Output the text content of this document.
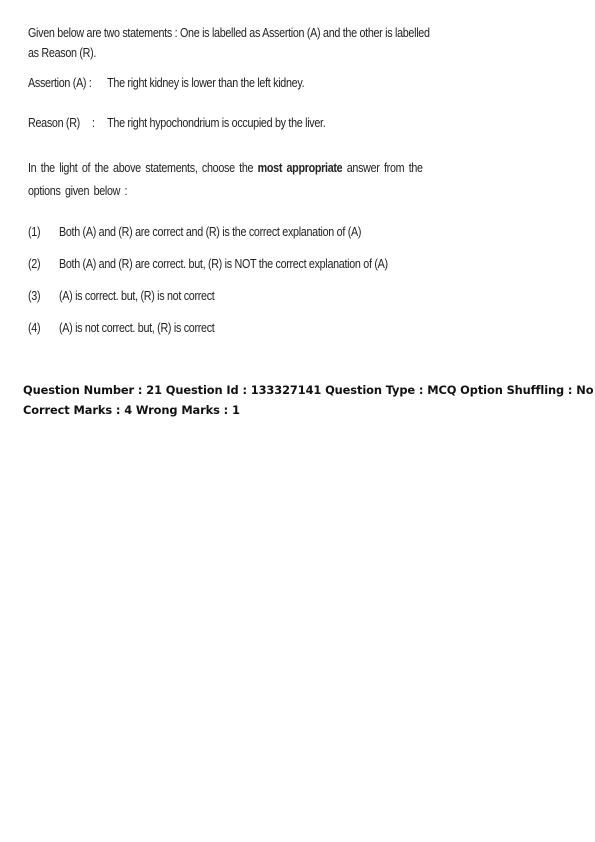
Given below are two statements : One is labelled as Assertion (A) and the other is labelled
as Reason (R).
Assertion (A) : The right kidney is lower than the left kidney.
Reason (R) : The right hypochondrium is occupied by the liver.
In the light of the above statements, choose the most appropriate answer from the
options given below :
(1) Both (A) and (R) are correct and (R) is the correct explanation of (A)
(2) Both (A) and (R) are correct. but, (R) is NOT the correct explanation of (A)
(3) (A) is correct. but, (R) is not correct
(4) (A) is not correct. but, (R) is correct
Question Number : 21 Question Id : 133327141 Question Type : MCQ Option Shuffling : No
Correct Marks : 4 Wrong Marks : 1
